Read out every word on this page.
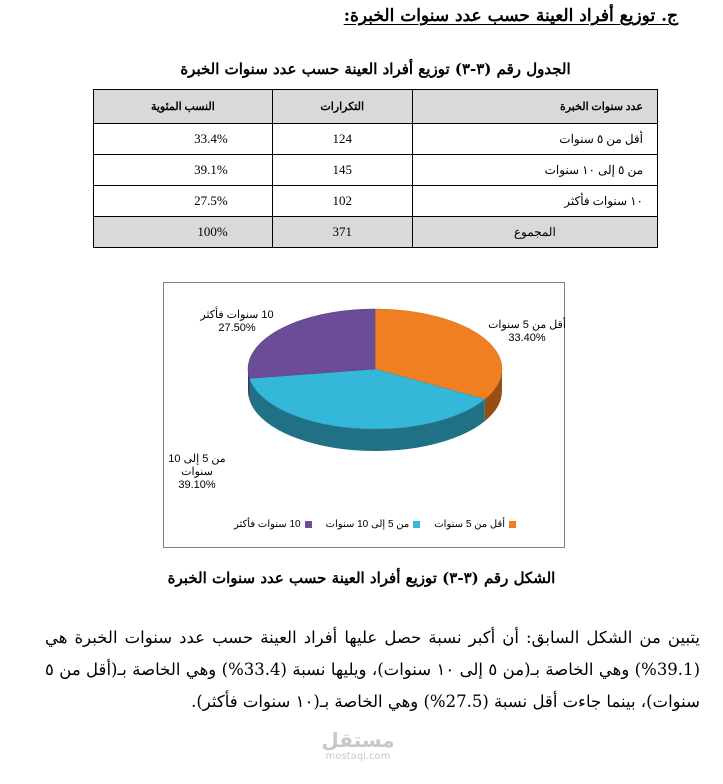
ج. توزيع أفراد العينة حسب عدد سنوات الخبرة:
الجدول رقم (٣-٣) توزيع أفراد العينة حسب عدد سنوات الخبرة
عدد سنوات الخبرة	التكرارات	النسب المئوية
أقل من ٥ سنوات	124	33.4%
من ٥ إلى ١٠ سنوات	145	39.1%
١٠ سنوات فأكثر	102	27.5%
المجموع	371	100%
أقل من 5 سنوات
33.40%
من 5 إلى 10 سنوات
39.10%
10 سنوات فأكثر
27.50%
أقل من 5 سنوات
من 5 إلى 10 سنوات
10 سنوات فأكثر
الشكل رقم (٣-٣) توزيع أفراد العينة حسب عدد سنوات الخبرة
يتبين من الشكل السابق: أن أكبر نسبة حصل عليها أفراد العينة حسب عدد سنوات الخبرة هي (39.1%) وهي الخاصة بـ(من ٥ إلى ١٠ سنوات)، ويليها نسبة (33.4%) وهي الخاصة بـ(أقل من ٥ سنوات)، بينما جاءت أقل نسبة (27.5%) وهي الخاصة بـ(١٠ سنوات فأكثر).
مستقل
mostaqi.com
